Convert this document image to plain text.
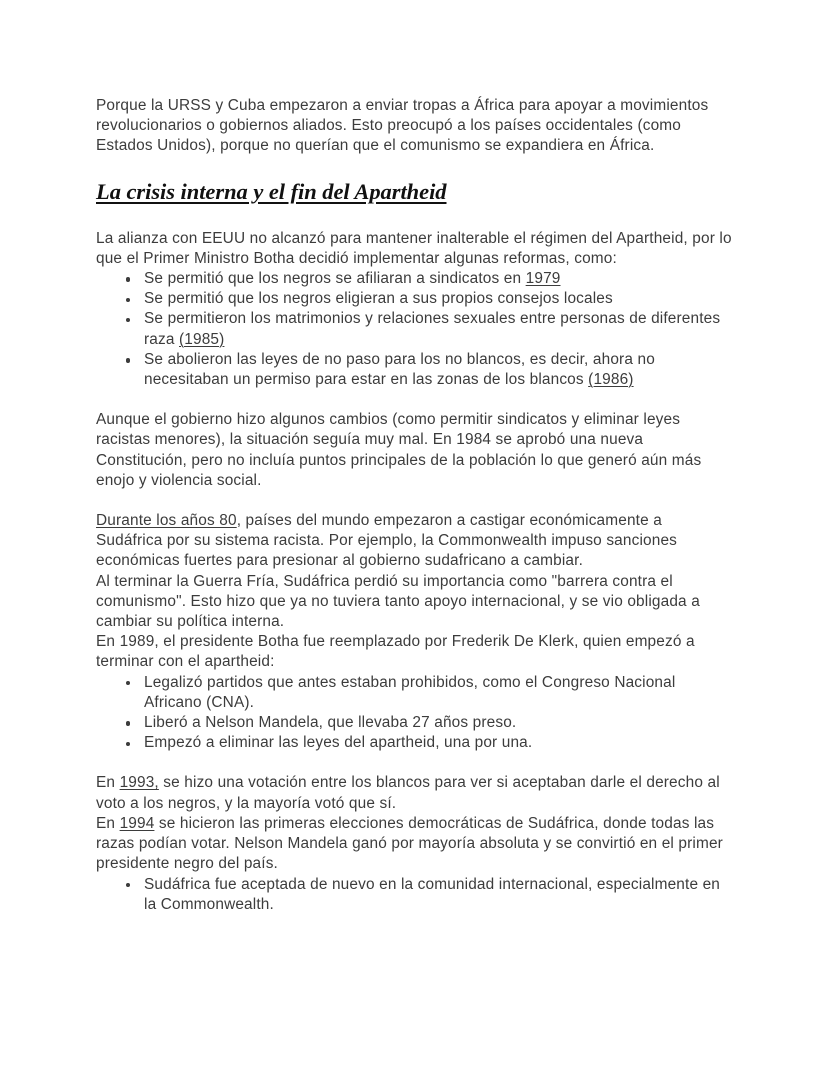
Porque la URSS y Cuba empezaron a enviar tropas a África para apoyar a movimientos revolucionarios o gobiernos aliados. Esto preocupó a los países occidentales (como Estados Unidos), porque no querían que el comunismo se expandiera en África.

La crisis interna y el fin del Apartheid

La alianza con EEUU no alcanzó para mantener inalterable el régimen del Apartheid, por lo que el Primer Ministro Botha decidió implementar algunas reformas, como:

Se permitió que los negros se afiliaran a sindicatos en 1979
Se permitió que los negros eligieran a sus propios consejos locales
Se permitieron los matrimonios y relaciones sexuales entre personas de diferentes raza (1985)
Se abolieron las leyes de no paso para los no blancos, es decir, ahora no necesitaban un permiso para estar en las zonas de los blancos (1986)

Aunque el gobierno hizo algunos cambios (como permitir sindicatos y eliminar leyes racistas menores), la situación seguía muy mal. En 1984 se aprobó una nueva Constitución, pero no incluía puntos principales de la población lo que generó aún más enojo y violencia social.

Durante los años 80, países del mundo empezaron a castigar económicamente a Sudáfrica por su sistema racista. Por ejemplo, la Commonwealth impuso sanciones económicas fuertes para presionar al gobierno sudafricano a cambiar.

Al terminar la Guerra Fría, Sudáfrica perdió su importancia como "barrera contra el comunismo". Esto hizo que ya no tuviera tanto apoyo internacional, y se vio obligada a cambiar su política interna.

En 1989, el presidente Botha fue reemplazado por Frederik De Klerk, quien empezó a terminar con el apartheid:

Legalizó partidos que antes estaban prohibidos, como el Congreso Nacional Africano (CNA).
Liberó a Nelson Mandela, que llevaba 27 años preso.
Empezó a eliminar las leyes del apartheid, una por una.

En 1993, se hizo una votación entre los blancos para ver si aceptaban darle el derecho al voto a los negros, y la mayoría votó que sí.

En 1994 se hicieron las primeras elecciones democráticas de Sudáfrica, donde todas las razas podían votar. Nelson Mandela ganó por mayoría absoluta y se convirtió en el primer presidente negro del país.

Sudáfrica fue aceptada de nuevo en la comunidad internacional, especialmente en la Commonwealth.
